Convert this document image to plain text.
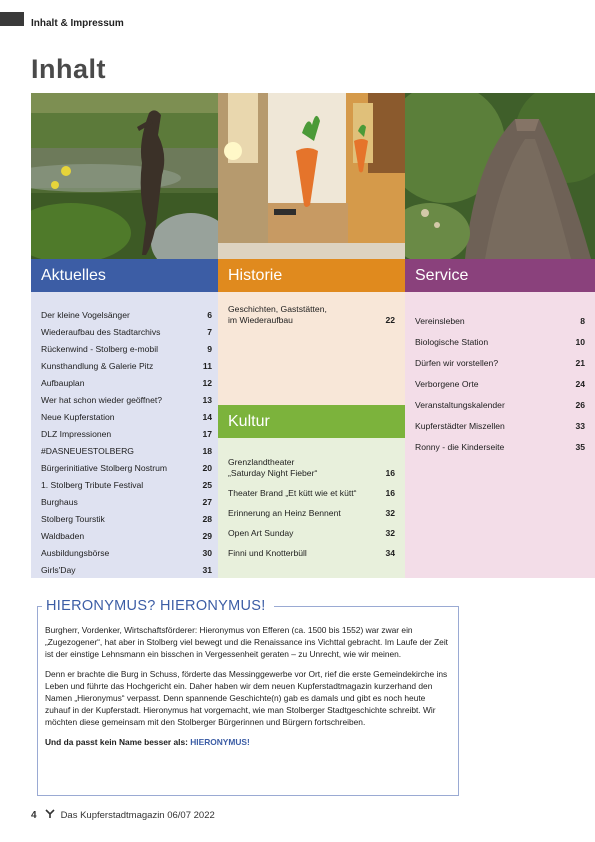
Inhalt & Impressum
Inhalt
Aktuelles
Der kleine Vogelsänger	6
Wiederaufbau des Stadtarchivs	7
Rückenwind - Stolberg e-mobil	9
Kunsthandlung & Galerie Pitz	11
Aufbauplan	12
Wer hat schon wieder geöffnet?	13
Neue Kupferstation	14
DLZ Impressionen	17
#DASNEUESTOLBERG	18
Bürgerinitiative Stolberg Nostrum	20
1. Stolberg Tribute Festival	25
Burghaus	27
Stolberg Tourstik	28
Waldbaden	29
Ausbildungsbörse	30
Girls'Day	31
Historie
Geschichten, Gaststätten,
im Wiederaufbau	22
Kultur
Grenzlandtheater
„Saturday Night Fieber“	16
Theater Brand „Et kütt wie et kütt“	16
Erinnerung an Heinz Bennent	32
Open Art Sunday	32
Finni und Knotterbüll	34
Service
Vereinsleben	8
Biologische Station	10
Dürfen wir vorstellen?	21
Verborgene Orte	24
Veranstaltungskalender	26
Kupferstädter Miszellen	33
Ronny - die Kinderseite	35
HIERONYMUS? HIERONYMUS!

Burgherr, Vordenker, Wirtschaftsförderer: Hieronymus von Efferen (ca. 1500 bis 1552) war zwar ein „Zugezogener“, hat aber in Stolberg viel bewegt und die Renaissance ins Vichttal gebracht. Im Laufe der Zeit ist der einstige Lehnsmann ein bisschen in Vergessenheit geraten – zu Unrecht, wie wir meinen.

Denn er brachte die Burg in Schuss, förderte das Messinggewerbe vor Ort, rief die erste Gemeindekirche ins Leben und führte das Hochgericht ein. Daher haben wir dem neuen Kupferstadtmagazin kurzerhand den Namen „Hieronymus“ verpasst. Denn spannende Geschichte(n) gab es damals und gibt es noch heute zuhauf in der Kupferstadt. Hieronymus hat vorgemacht, wie man Stolberger Stadtgeschichte schreibt. Wir möchten diese gemeinsam mit den Stolberger Bürgerinnen und Bürgern fortschreiben.

Und da passt kein Name besser als: HIERONYMUS!

4	Das Kupferstadtmagazin 06/07 2022
